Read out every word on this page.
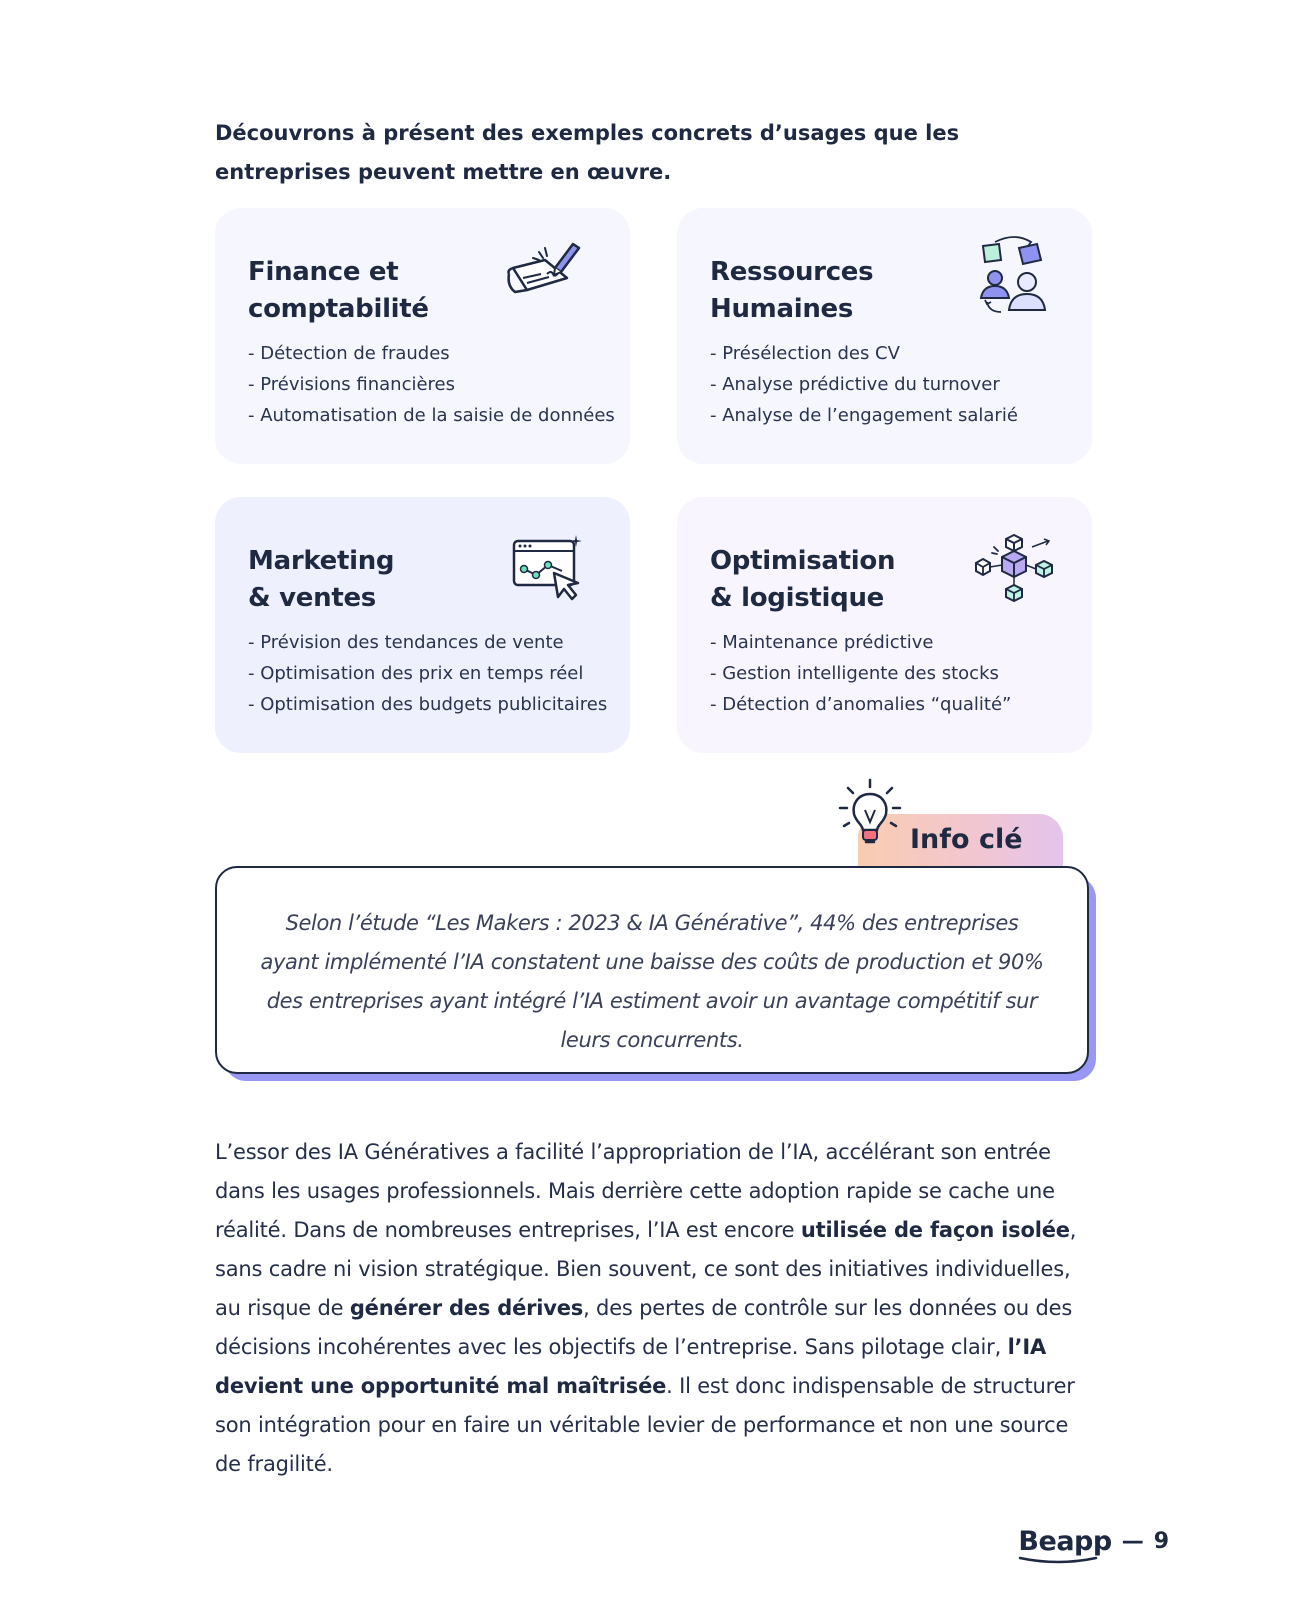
Découvrons à présent des exemples concrets d’usages que les entreprises peuvent mettre en œuvre.

Finance et
comptabilité
- Détection de fraudes
- Prévisions financières
- Automatisation de la saisie de données
Ressources
Humaines
- Présélection des CV
- Analyse prédictive du turnover
- Analyse de l’engagement salarié
Marketing
& ventes
- Prévision des tendances de vente
- Optimisation des prix en temps réel
- Optimisation des budgets publicitaires
Optimisation
& logistique
- Maintenance prédictive
- Gestion intelligente des stocks
- Détection d’anomalies “qualité”
Info clé

Selon l’étude “Les Makers : 2023 & IA Générative”, 44% des entreprises ayant implémenté l’IA constatent une baisse des coûts de production et 90% des entreprises ayant intégré l’IA estiment avoir un avantage compétitif sur leurs concurrents.

L’essor des IA Génératives a facilité l’appropriation de l’IA, accélérant son entrée dans les usages professionnels. Mais derrière cette adoption rapide se cache une réalité. Dans de nombreuses entreprises, l’IA est encore utilisée de façon isolée, sans cadre ni vision stratégique. Bien souvent, ce sont des initiatives individuelles, au risque de générer des dérives, des pertes de contrôle sur les données ou des décisions incohérentes avec les objectifs de l’entreprise. Sans pilotage clair, l’IA devient une opportunité mal maîtrisée. Il est donc indispensable de structurer son intégration pour en faire un véritable levier de performance et non une source de fragilité.

Beapp — 9
